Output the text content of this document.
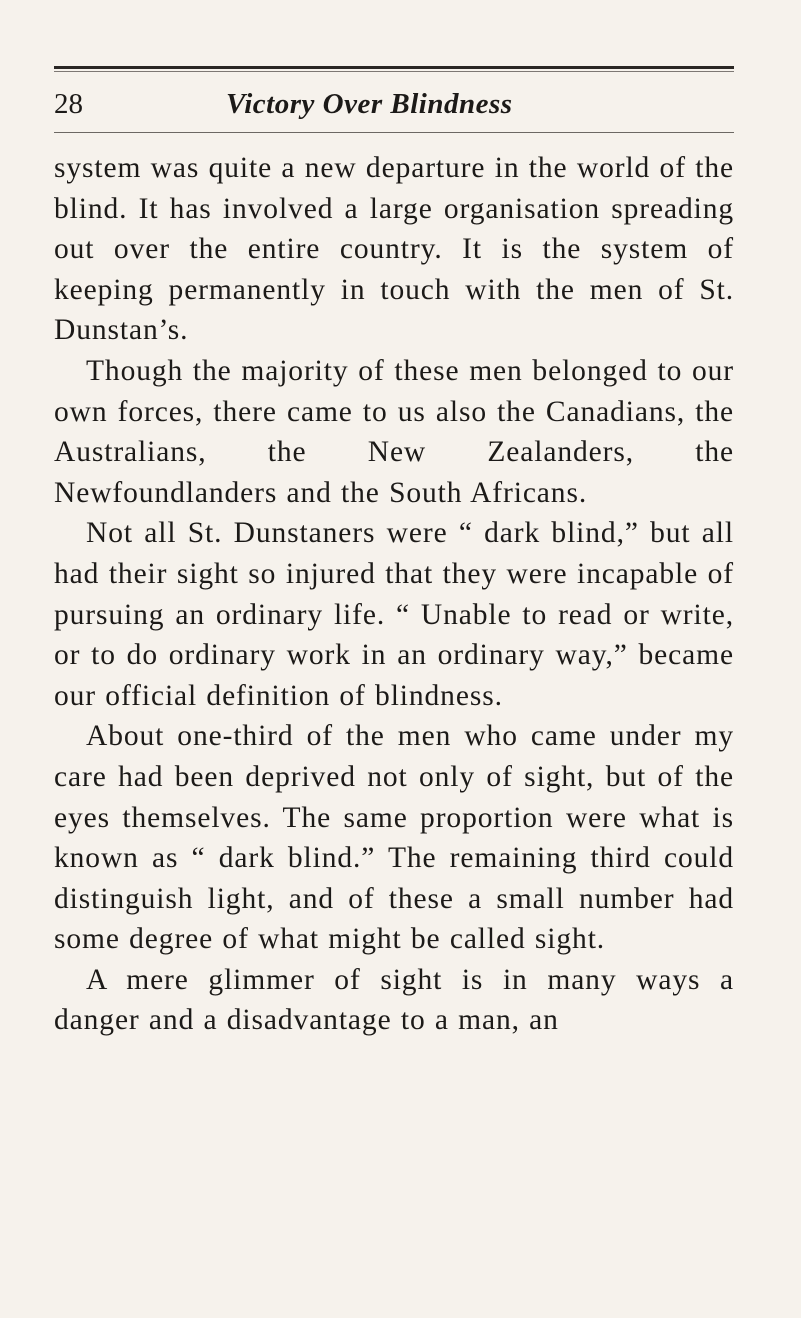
28	Victory Over Blindness

system was quite a new departure in the world of the blind. It has involved a large organisation spreading out over the entire country. It is the system of keeping permanently in touch with the men of St. Dunstan’s.

Though the majority of these men belonged to our own forces, there came to us also the Canadians, the Australians, the New Zealanders, the Newfoundlanders and the South Africans.

Not all St. Dunstaners were “ dark blind,” but all had their sight so injured that they were incapable of pursuing an ordinary life. “ Unable to read or write, or to do ordinary work in an ordinary way,” became our official definition of blindness.

About one-third of the men who came under my care had been deprived not only of sight, but of the eyes themselves. The same proportion were what is known as “ dark blind.” The remaining third could distinguish light, and of these a small number had some degree of what might be called sight.

A mere glimmer of sight is in many ways a danger and a disadvantage to a man, an
